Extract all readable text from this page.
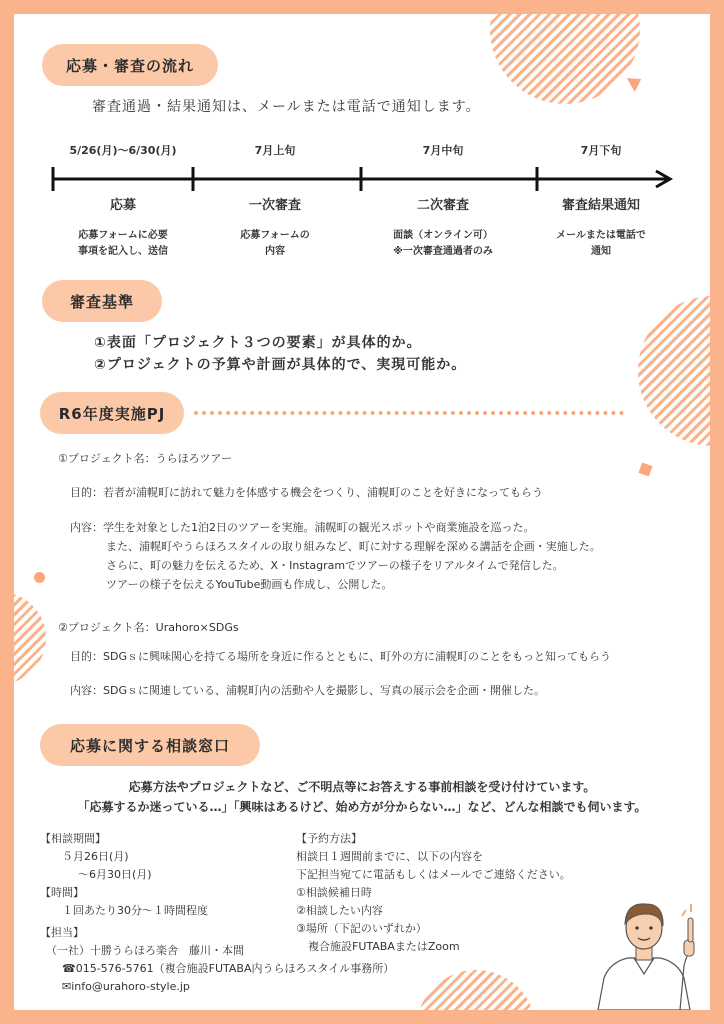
応募・審査の流れ
審査通過・結果通知は、メールまたは電話で通知します。
5/26(月)～6/30(月)	7月上旬	7月中旬	7月下旬
応募	一次審査	二次審査	審査結果通知
応募フォームに必要
事項を記入し、送信
応募フォームの
内容
面談（オンライン可）
※一次審査通過者のみ
メールまたは電話で
通知
審査基準
①表面「プロジェクト３つの要素」が具体的か。
②プロジェクトの予算や計画が具体的で、実現可能か。
R6年度実施PJ
①プロジェクト名：うらほろツアー
目的：若者が浦幌町に訪れて魅力を体感する機会をつくり、浦幌町のことを好きになってもらう
内容：学生を対象とした1泊2日のツアーを実施。浦幌町の観光スポットや商業施設を巡った。
また、浦幌町やうらほろスタイルの取り組みなど、町に対する理解を深める講話を企画・実施した。
さらに、町の魅力を伝えるため、X・Instagramでツアーの様子をリアルタイムで発信した。
ツアーの様子を伝えるYouTube動画も作成し、公開した。
②プロジェクト名：Urahoro×SDGs
目的：SDGｓに興味関心を持てる場所を身近に作るとともに、町外の方に浦幌町のことをもっと知ってもらう
内容：SDGｓに関連している、浦幌町内の活動や人を撮影し、写真の展示会を企画・開催した。
応募に関する相談窓口
応募方法やプロジェクトなど、ご不明点等にお答えする事前相談を受け付けています。
「応募するか迷っている…」「興味はあるけど、始め方が分からない…」など、どんな相談でも伺います。
【相談期間】
５月26日(月)
～6月30日(月)
【時間】
１回あたり30分～１時間程度
【担当】
（一社）十勝うらほろ楽舎　藤川・本間
☎015-576-5761（複合施設FUTABA内うらほろスタイル事務所）
✉info@urahoro-style.jp
【予約方法】
相談日１週間前までに、以下の内容を
下記担当宛てに電話もしくはメールでご連絡ください。
①相談候補日時
②相談したい内容
③場所（下記のいずれか）
複合施設FUTABAまたはZoom
